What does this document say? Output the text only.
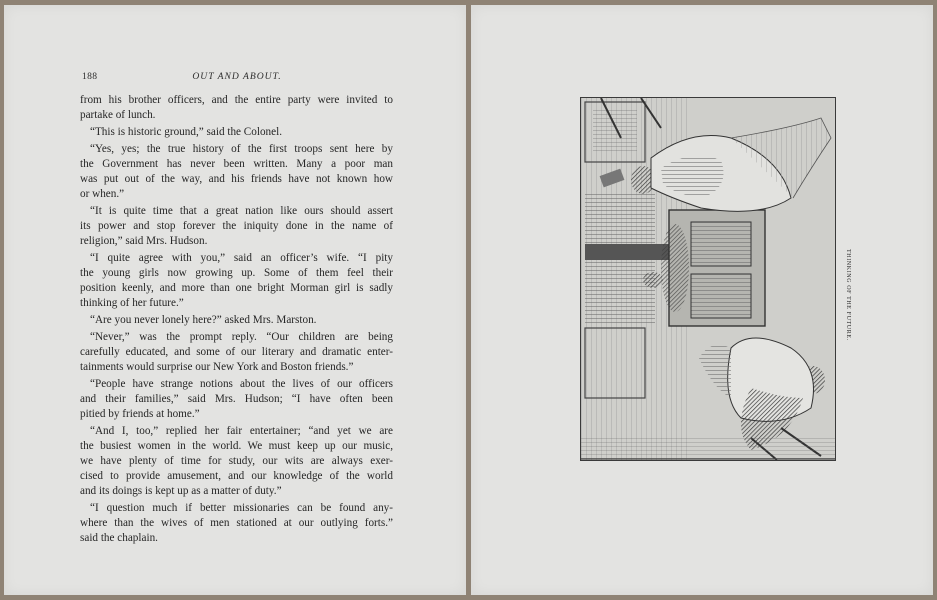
188	OUT AND ABOUT.
from his brother officers, and the entire party were invited to
partake of lunch.
“This is historic ground,” said the Colonel.
“Yes, yes; the true history of the first troops sent here by
the Government has never been written. Many a poor man
was put out of the way, and his friends have not known how
or when.”
“It is quite time that a great nation like ours should assert
its power and stop forever the iniquity done in the name of
religion,” said Mrs. Hudson.
“I quite agree with you,” said an officer’s wife. “I pity
the young girls now growing up. Some of them feel their
position keenly, and more than one bright Morman girl is sadly
thinking of her future.”
“Are you never lonely here?” asked Mrs. Marston.
“Never,” was the prompt reply. “Our children are being
carefully educated, and some of our literary and dramatic enter-
tainments would surprise our New York and Boston friends.”
“People have strange notions about the lives of our officers
and their families,” said Mrs. Hudson; “I have often been
pitied by friends at home.”
“And I, too,” replied her fair entertainer; “and yet we are
the busiest women in the world. We must keep up our music,
we have plenty of time for study, our wits are always exer-
cised to provide amusement, and our knowledge of the world
and its doings is kept up as a matter of duty.”
“I question much if better missionaries can be found any-
where than the wives of men stationed at our outlying forts.”
said the chaplain.
THINKING OF THE FUTURE.
